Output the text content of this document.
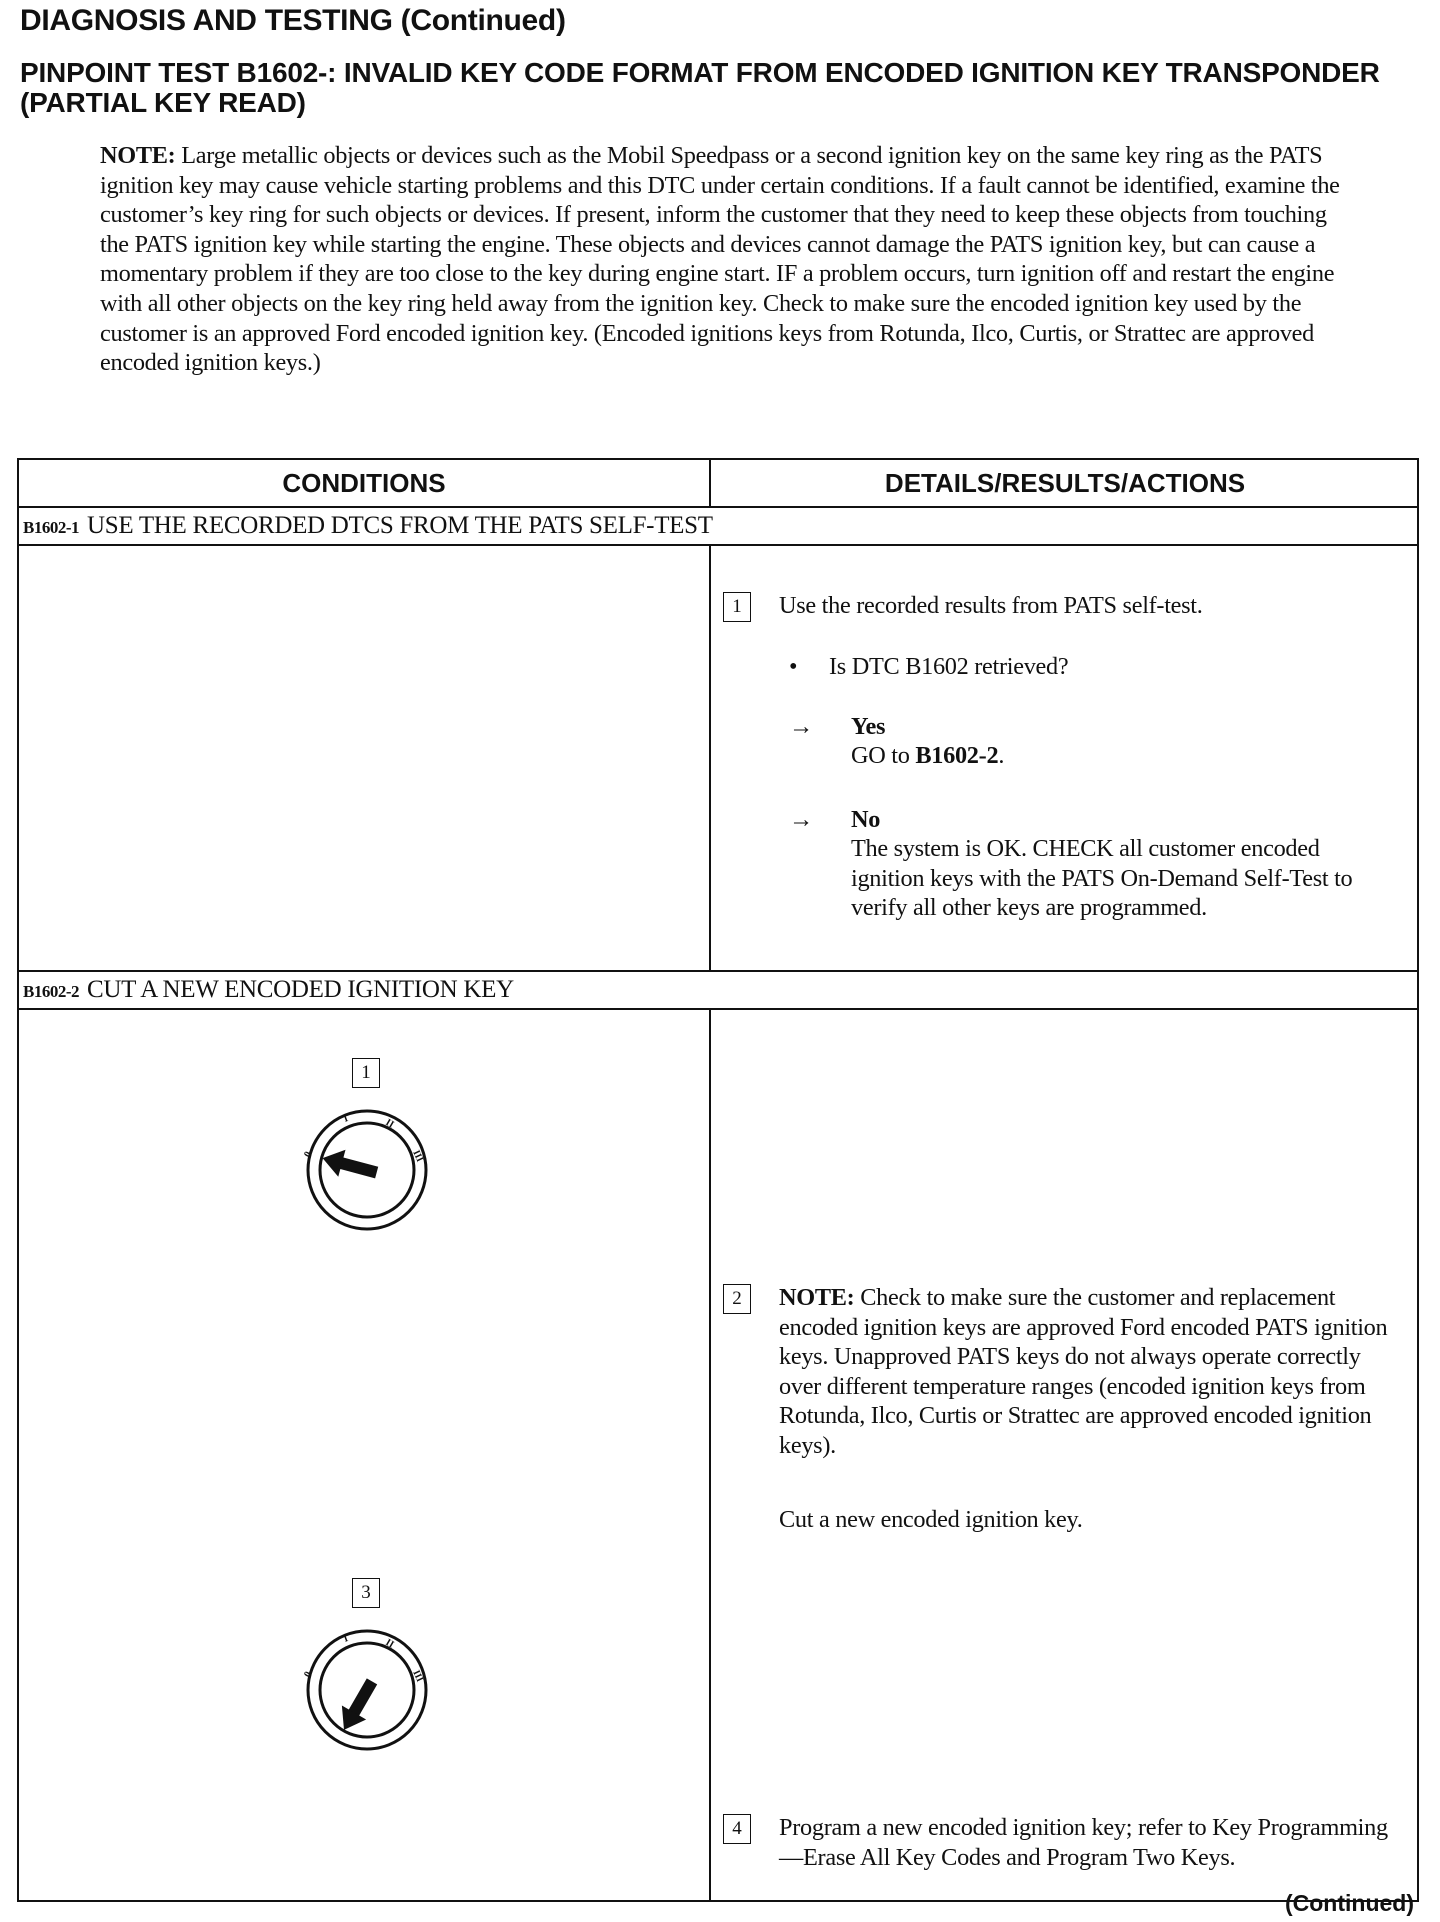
DIAGNOSIS AND TESTING (Continued)
PINPOINT TEST B1602-: INVALID KEY CODE FORMAT FROM ENCODED IGNITION KEY TRANSPONDER (PARTIAL KEY READ)
NOTE: Large metallic objects or devices such as the Mobil Speedpass or a second ignition key on the same key ring as the PATS ignition key may cause vehicle starting problems and this DTC under certain conditions. If a fault cannot be identified, examine the customer’s key ring for such objects or devices. If present, inform the customer that they need to keep these objects from touching the PATS ignition key while starting the engine. These objects and devices cannot damage the PATS ignition key, but can cause a momentary problem if they are too close to the key during engine start. IF a problem occurs, turn ignition off and restart the engine with all other objects on the key ring held away from the ignition key. Check to make sure the encoded ignition key used by the customer is an approved Ford encoded ignition key. (Encoded ignitions keys from Rotunda, Ilco, Curtis, or Strattec are approved encoded ignition keys.)
CONDITIONS	DETAILS/RESULTS/ACTIONS
B1602-1 USE THE RECORDED DTCS FROM THE PATS SELF-TEST
1	Use the recorded results from PATS self-test.
• Is DTC B1602 retrieved?
→ Yes
GO to B1602-2.
→ No
The system is OK. CHECK all customer encoded ignition keys with the PATS On-Demand Self-Test to verify all other keys are programmed.
B1602-2 CUT A NEW ENCODED IGNITION KEY
1
0
I	II
III
3
0
I	II
III
2	NOTE: Check to make sure the customer and replacement encoded ignition keys are approved Ford encoded PATS ignition keys. Unapproved PATS keys do not always operate correctly over different temperature ranges (encoded ignition keys from Rotunda, Ilco, Curtis or Strattec are approved encoded ignition keys).
Cut a new encoded ignition key.
4	Program a new encoded ignition key; refer to Key Programming—Erase All Key Codes and Program Two Keys.
(Continued)
